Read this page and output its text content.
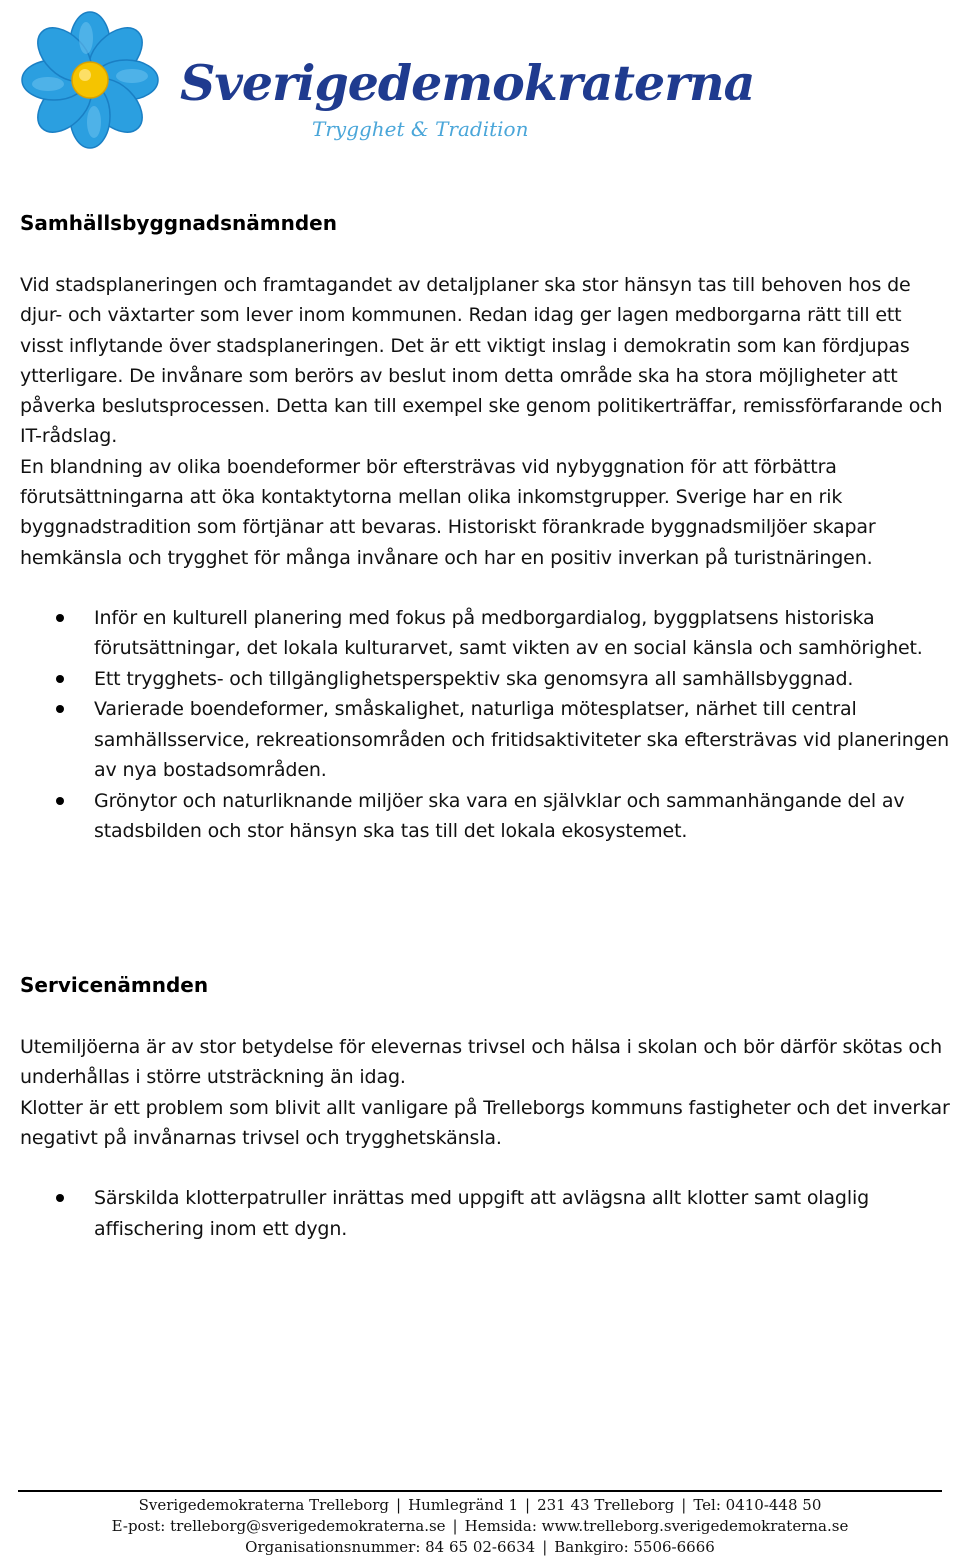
Sverigedemokraterna
Trygghet & Tradition

Samhällsbyggnadsnämnden

Vid stadsplaneringen och framtagandet av detaljplaner ska stor hänsyn tas till behoven hos de djur- och växtarter som lever inom kommunen. Redan idag ger lagen medborgarna rätt till ett visst inflytande över stadsplaneringen. Det är ett viktigt inslag i demokratin som kan fördjupas ytterligare. De invånare som berörs av beslut inom detta område ska ha stora möjligheter att påverka beslutsprocessen. Detta kan till exempel ske genom politikerträffar, remissförfarande och IT-rådslag.

En blandning av olika boendeformer bör eftersträvas vid nybyggnation för att förbättra förutsättningarna att öka kontaktytorna mellan olika inkomstgrupper. Sverige har en rik byggnadstradition som förtjänar att bevaras. Historiskt förankrade byggnadsmiljöer skapar hemkänsla och trygghet för många invånare och har en positiv inverkan på turistnäringen.

Inför en kulturell planering med fokus på medborgardialog, byggplatsens historiska förutsättningar, det lokala kulturarvet, samt vikten av en social känsla och samhörighet.
Ett trygghets- och tillgänglighetsperspektiv ska genomsyra all samhällsbyggnad.
Varierade boendeformer, småskalighet, naturliga mötesplatser, närhet till central samhällsservice, rekreationsområden och fritidsaktiviteter ska eftersträvas vid planeringen av nya bostadsområden.
Grönytor och naturliknande miljöer ska vara en självklar och sammanhängande del av stadsbilden och stor hänsyn ska tas till det lokala ekosystemet.

Servicenämnden

Utemiljöerna är av stor betydelse för elevernas trivsel och hälsa i skolan och bör därför skötas och underhållas i större utsträckning än idag.

Klotter är ett problem som blivit allt vanligare på Trelleborgs kommuns fastigheter och det inverkar negativt på invånarnas trivsel och trygghetskänsla.

Särskilda klotterpatruller inrättas med uppgift att avlägsna allt klotter samt olaglig affischering inom ett dygn.
Sverigedemokraterna Trelleborg | Humlegränd 1 | 231 43 Trelleborg | Tel: 0410-448 50
E-post: trelleborg@sverigedemokraterna.se | Hemsida: www.trelleborg.sverigedemokraterna.se
Organisationsnummer: 84 65 02-6634 | Bankgiro: 5506-6666
